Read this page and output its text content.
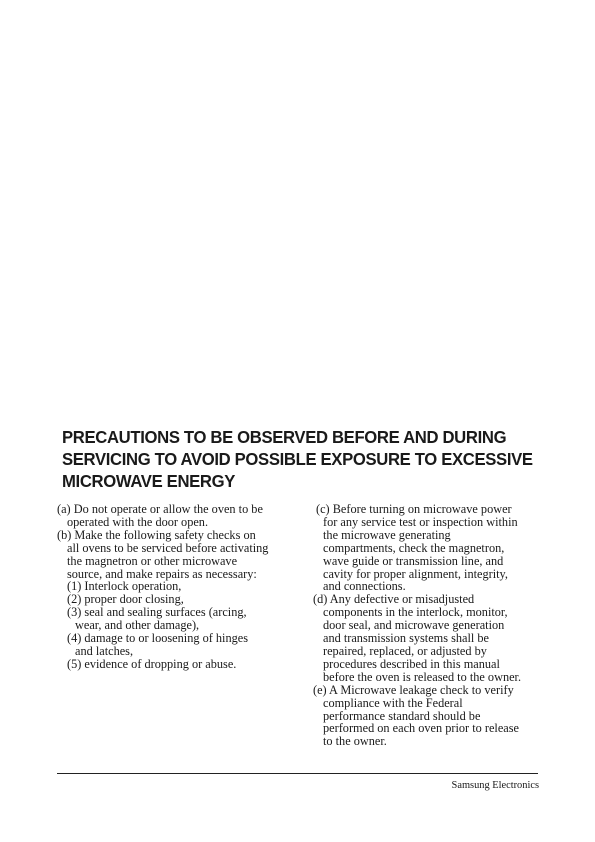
PRECAUTIONS TO BE OBSERVED BEFORE AND DURING
SERVICING TO AVOID POSSIBLE EXPOSURE TO EXCESSIVE
MICROWAVE ENERGY
(a) Do not operate or allow the oven to be
operated with the door open.
(b) Make the following safety checks on
all ovens to be serviced before activating
the magnetron or other microwave
source, and make repairs as necessary:
(1) Interlock operation,
(2) proper door closing,
(3) seal and sealing surfaces (arcing,
wear, and other damage),
(4) damage to or loosening of hinges
and latches,
(5) evidence of dropping or abuse.
(c) Before turning on microwave power
for any service test or inspection within
the microwave generating
compartments, check the magnetron,
wave guide or transmission line, and
cavity for proper alignment, integrity,
and connections.
(d) Any defective or misadjusted
components in the interlock, monitor,
door seal, and microwave generation
and transmission systems shall be
repaired, replaced, or adjusted by
procedures described in this manual
before the oven is released to the owner.
(e) A Microwave leakage check to verify
compliance with the Federal
performance standard should be
performed on each oven prior to release
to the owner.
Samsung Electronics
